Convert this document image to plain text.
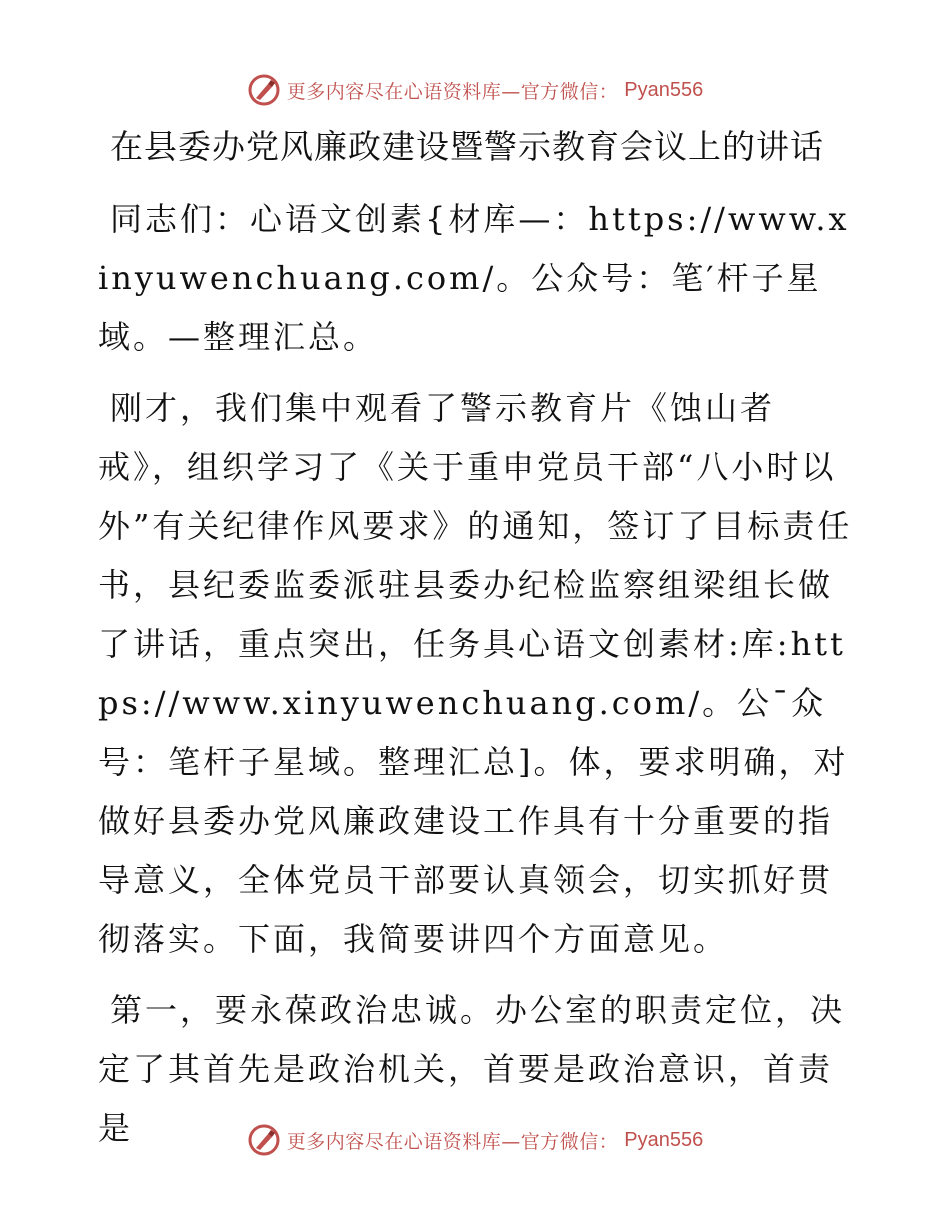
更多内容尽在心语资料库—官方微信： Pyan556
在县委办党风廉政建设暨警示教育会议上的讲话

同志们：心语文创素{材库—：https://www.xinyuwenchuang.com/。公众号：笔′杆子星域。—整理汇总。

刚才，我们集中观看了警示教育片《蚀山者戒》，组织学习了《关于重申党员干部“八小时以外”有关纪律作风要求》的通知，签订了目标责任书，县纪委监委派驻县委办纪检监察组梁组长做了讲话，重点突出，任务具心语文创素材:库:https://www.xinyuwenchuang.com/。公¯众号：笔杆子星域。整理汇总]。体，要求明确，对做好县委办党风廉政建设工作具有十分重要的指导意义，全体党员干部要认真领会，切实抓好贯彻落实。下面，我简要讲四个方面意见。

第一，要永葆政治忠诚。办公室的职责定位，决定了其首先是政治机关，首要是政治意识，首责是	更多内容尽在心语资料库—官方微信： Pyan556
